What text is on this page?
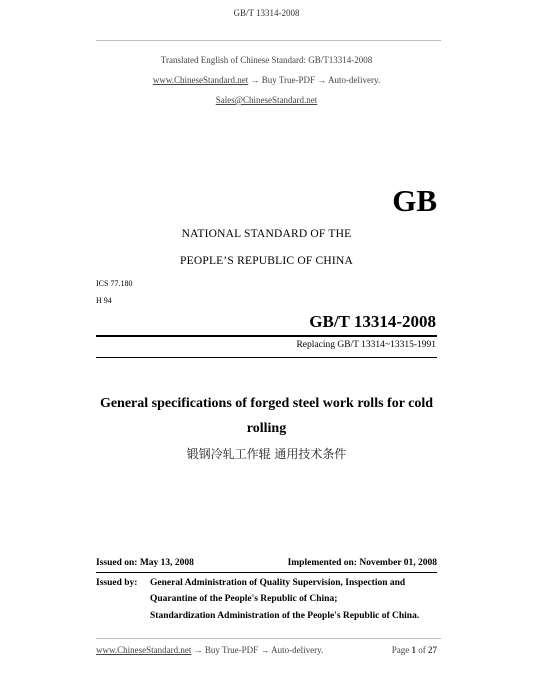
GB/T 13314-2008
Translated English of Chinese Standard: GB/T13314-2008
www.ChineseStandard.net → Buy True-PDF → Auto-delivery.
Sales@ChineseStandard.net
GB
NATIONAL STANDARD OF THE
PEOPLE’S REPUBLIC OF CHINA
ICS 77.180
H 94
GB/T 13314-2008
Replacing GB/T 13314~13315-1991
General specifications of forged steel work rolls for cold
rolling
锻钢冷轧工作辊 通用技术条件
Issued on: May 13, 2008	Implemented on: November 01, 2008
Issued by: General Administration of Quality Supervision, Inspection and
Quarantine of the People's Republic of China;
Standardization Administration of the People's Republic of China.
www.ChineseStandard.net → Buy True-PDF → Auto-delivery.	Page 1 of 27
